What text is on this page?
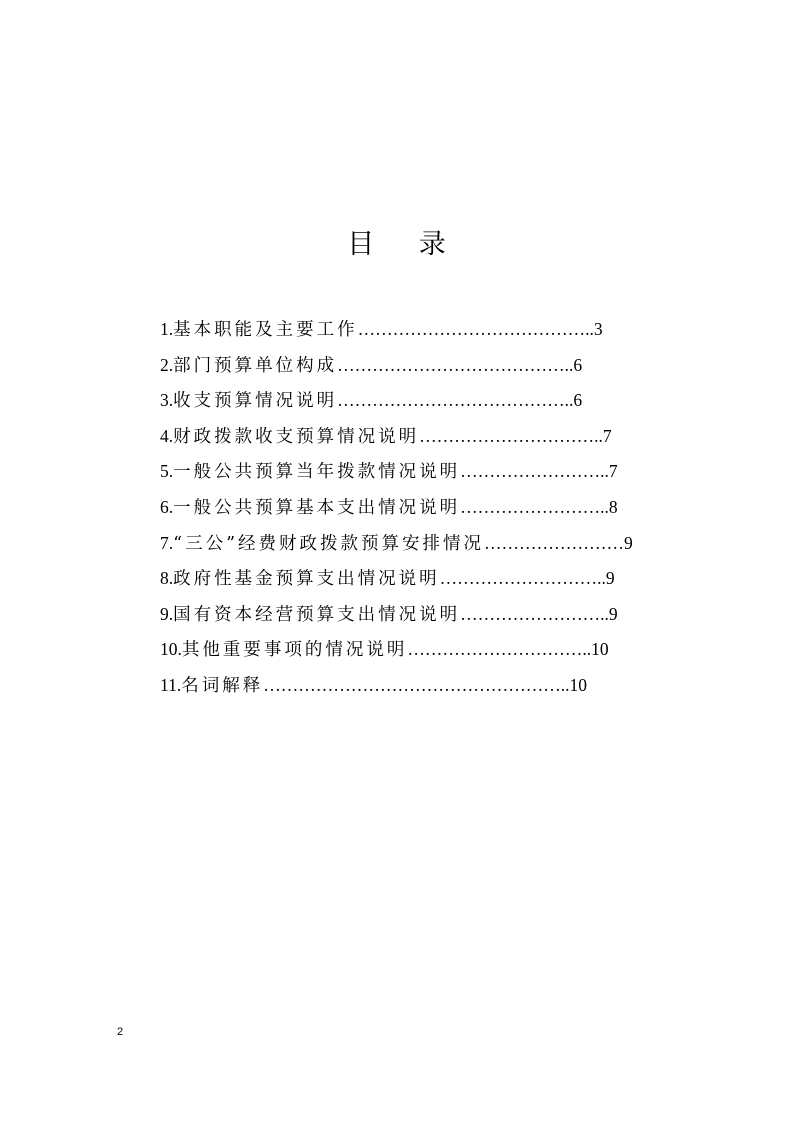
目 录
1.基本职能及主要工作…………………………………..3
2.部门预算单位构成…………………………………..6
3.收支预算情况说明…………………………………..6
4.财政拨款收支预算情况说明…………………………..7
5.一般公共预算当年拨款情况说明……………………..7
6.一般公共预算基本支出情况说明……………………..8
7.“三公”经费财政拨款预算安排情况……………………9
8.政府性基金预算支出情况说明………………………..9
9.国有资本经营预算支出情况说明……………………..9
10.其他重要事项的情况说明…………………………..10
11.名词解释……………………………………………..10
2
